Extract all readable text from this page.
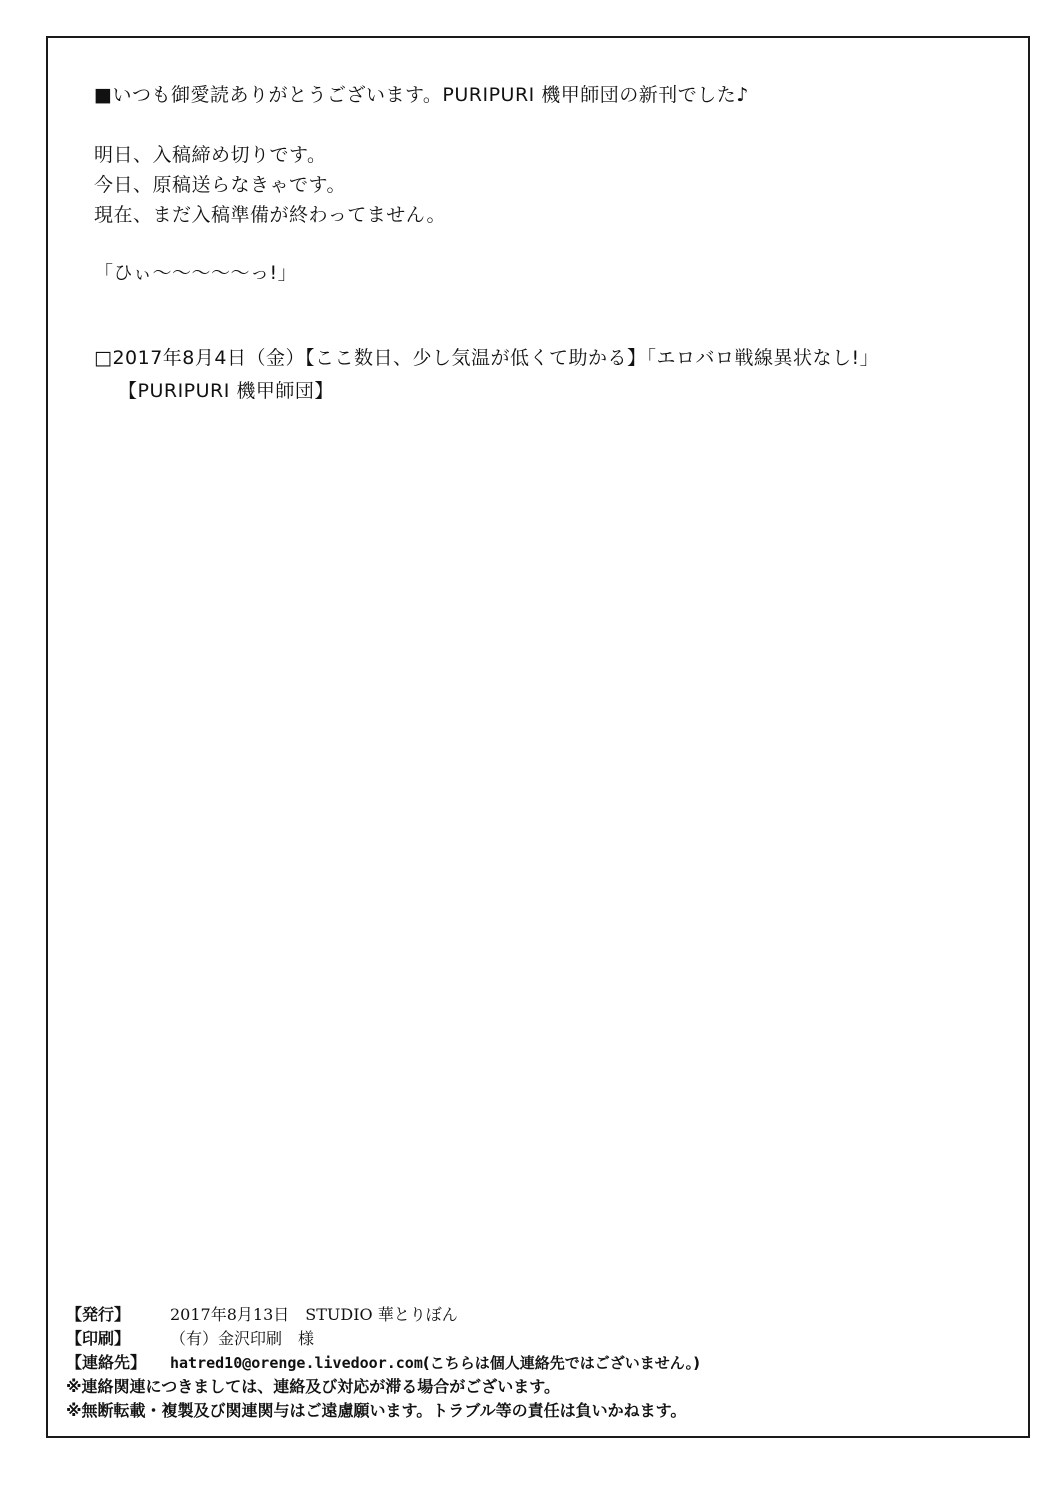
■いつも御愛読ありがとうございます。PURIPURI 機甲師団の新刊でした♪
明日、入稿締め切りです。
今日、原稿送らなきゃです。
現在、まだ入稿準備が終わってません。
「ひぃ～～～～～っ!」
□2017年8月4日（金）【ここ数日、少し気温が低くて助かる】「エロバロ戦線異状なし!」
【PURIPURI 機甲師団】
【発行】	2017年8月13日　STUDIO 華とりぼん
【印刷】	（有）金沢印刷　様
【連絡先】	hatred10@orenge.livedoor.com (こちらは個人連絡先ではございません。)
※連絡関連につきましては、連絡及び対応が滞る場合がございます。
※無断転載・複製及び関連関与はご遠慮願います。トラブル等の責任は負いかねます。
